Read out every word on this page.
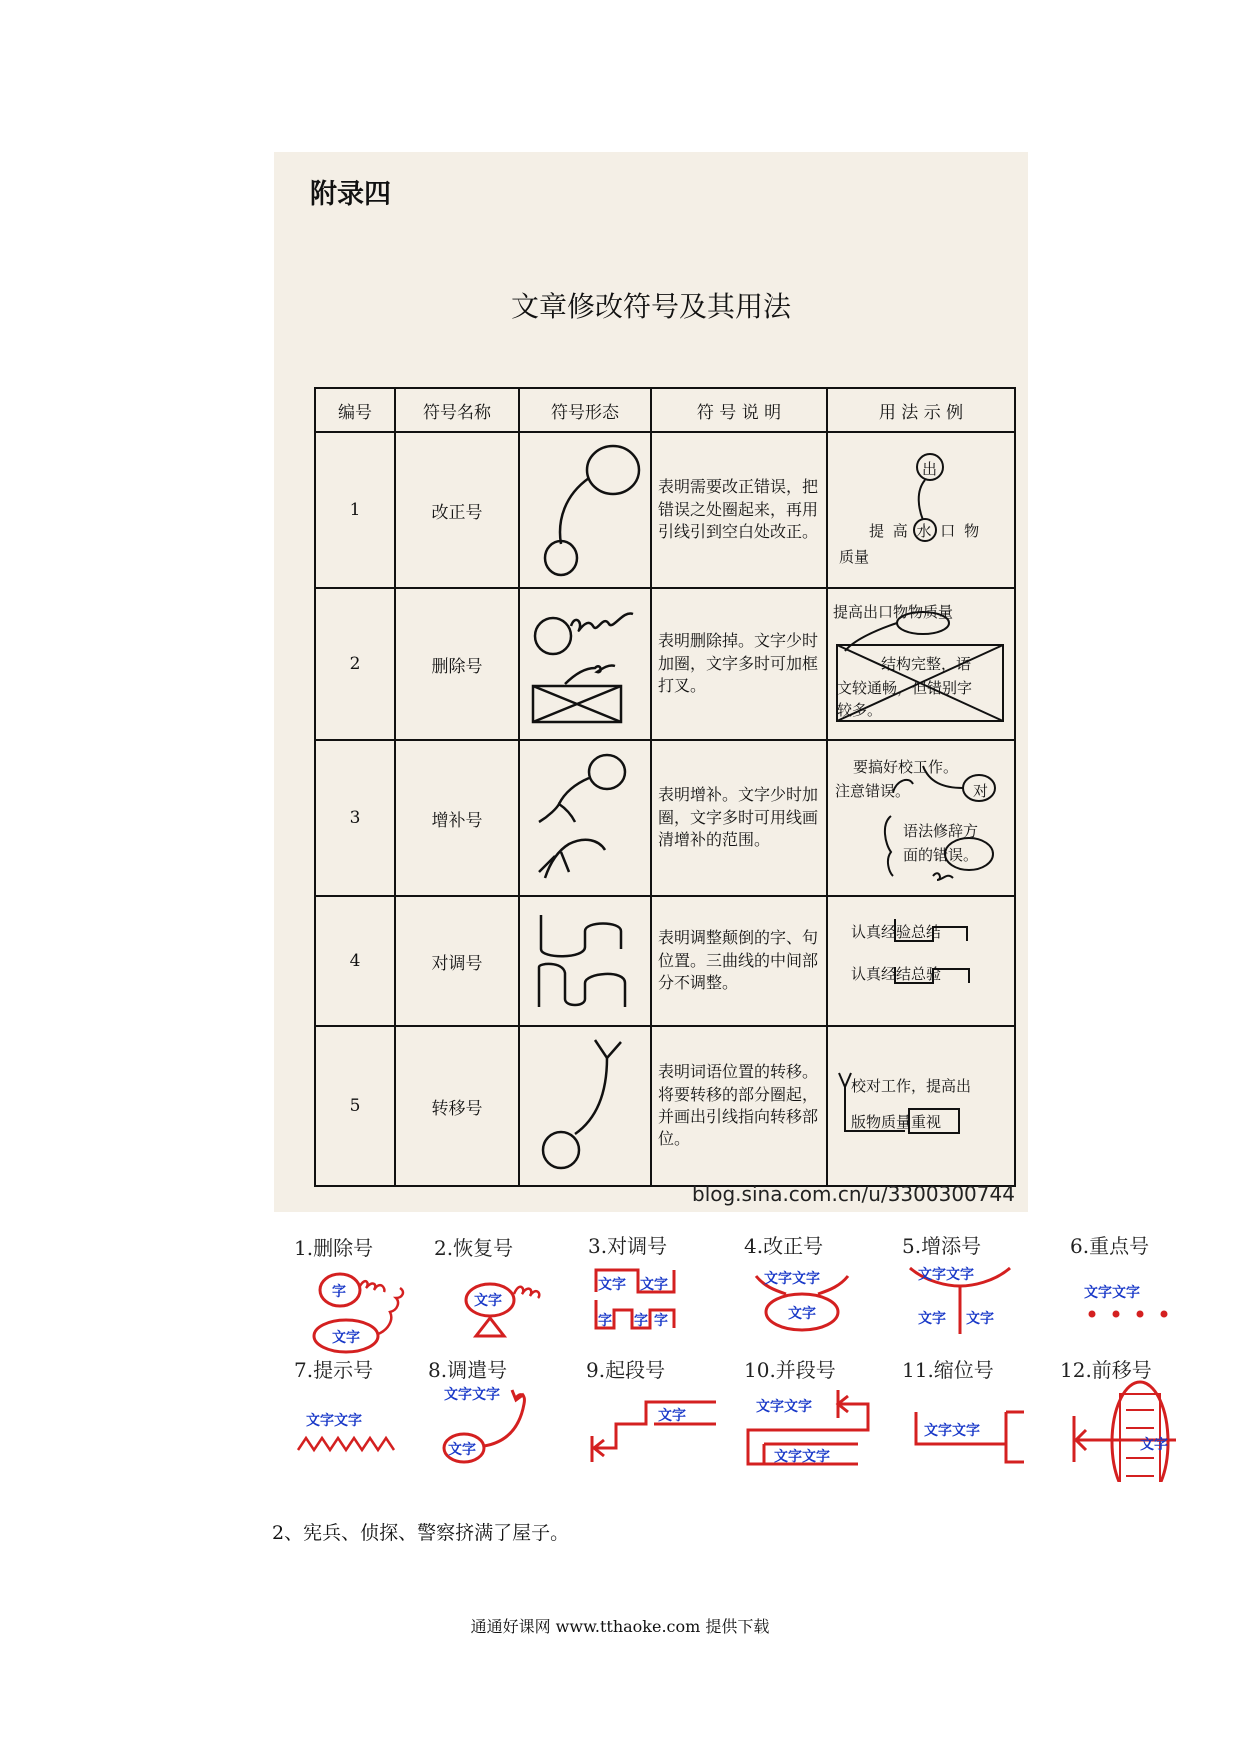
附录四
文章修改符号及其用法
编号	符号名称	符号形态	符 号 说 明	用 法 示 例
1	改正号		表明需要改正错误，把错误之处圈起来，再用引线引到空白处改正。	出
提 高 水 口 物
质量

2	删除号		表明删除掉。文字少时加圈，文字多时可加框打叉。	提高出口物物质量
结构完整，语
文较通畅，但错别字
较多。

3	增补号		表明增补。文字少时加圈，文字多时可用线画清增补的范围。	要搞好校工作。
注意错误。 对
语法修辞方
面的错误。

4	对调号		表明调整颠倒的字、句位置。三曲线的中间部分不调整。	认真经验总结
认真经结总验

5	转移号		表明词语位置的转移。将要转移的部分圈起，并画出引线指向转移部位。	校对工作，提高出
版物质量重视
blog.sina.com.cn/u/3300300744
1.删除号
字
文字
2.恢复号
文字
3.对调号
文字 文字
字 字 字
4.改正号
文字文字
文字
5.增添号
文字文字
文字 文字
6.重点号
文字文字
7.提示号
文字文字
8.调遣号
文字文字
文字
9.起段号
文字
10.并段号
文字文字
文字文字
11.缩位号
文字文字
12.前移号
文字
2、宪兵、侦探、警察挤满了屋子。
通通好课网 www.tthaoke.com 提供下载
